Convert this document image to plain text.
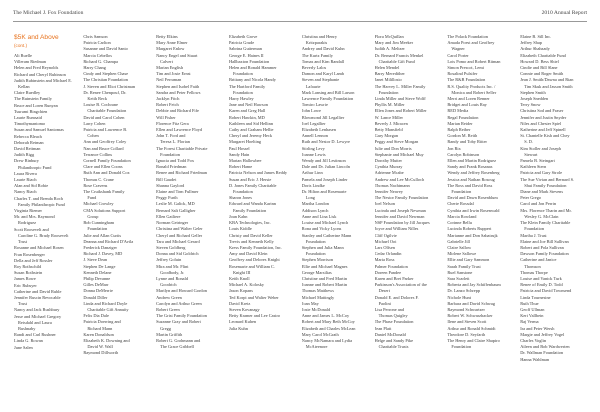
The Michael J. Fox Foundation	2010 Annual Report
$5K and Above
(cont.)
Ali Ruelle
Villeram Riedman
Helen and Fred Reynolds
Richard and Cheryl Rubinson
Judith Rubinstein and Michael E.
Kellan
Claire Ruedley
The Ruinstein Family
Bruce and Loren Runyan
Tsurumi Bingchien
Laurie Rumsaid
Timothymantomo
Susan and Samuel Santomas
Rebecca Bleach
Deborah Reiman
David Reitman
Judith Rigg
Drew Rinbury
Philanthropic Fund
Laura Rivera
Laurie Riach
Alan and Sid Robie
Nancy Riach
Charles T. and Brenda Roch
Family Philanthropic Fund
Virginia Riemer
Mr. and Mrs. Raymond
Rodriguez
Scott Roosevelt and
Caroline G. Brady Roosevelt
Trust
Rosanne and Michael Rosen
Fran Rosenberger
Della and Jeff Rossler
Roy Rothschild
Susan Rothstein
James Rowe
Eric Rubsyer
Catherine and David Ruble
Jennifer Ruscin Revocable
Trust
Nancy and Jack Rushbury
Jesse and Michael Gregory
Reisdahl and Laura
Bushnaby
Randi and Carl Rushner
Linda G. Rowan
June Salen
Chris Samson
Patricia Carlton
Susanne and David Santo
Marcia Cebellos
Richard G. Champa
Harry Chang
Cindy and Stephen Chase
The Christian Foundation
J. Steven and Eliot Christman
Dr. Renee Chenpouf, Dr.
Keith Reck
Louise B. Cochrane
Charitable Foundation
David and Carol Cohen
Larry Cohen
Patricia and Lawrence B.
Cohen
Ann and Geoffrey Coley
Nan and Bruce Collard
Terrance Collins
Cornell Family Foundation
Clare and Ellen Coons
Ruth Ann and Donald Cox
Thomas C. Crane
Rose Cravens
The Cruikshank Family
Fund
Michael Crowley
CMA Solutions Support
Group
Bob Cunningham
Foundation
Julie and Allan Curtis
Deanna and Richard D'Avila
Frederick Danziger
Richard J. Davey, MD
J. Steve Dean
Stephen De Lange
Kenneth Delane
Philip Devanne
Gilles DeMarr
Donna DeMerrie
Donald Diller
Linda and Richard Doyle
Charitable Gift Annuity
Felix Dia Dale
Patricia Doerring and
Richard Mann
Karen Donaldson
Elizabeth K. Downing and
David W. Wall
Raymond Dillworth
Betty Elkins
Mary Anne Elmer
Margaret Enlow
Nancy Engel and Stuart
Calvert
Marian English
Tim and Josie Ernst
Neil Ferraman
Stephen and Isobel Faith
Sandra and Peter Fellows
Jacklyn Fitch
Robert Feich
Debbie and Richard Fife
Will Fisher
Florence Fitz Gera
Ellen and Lawrence Floyd
John T. Ford and
Teresa L. Florian
The Forest Charitable Private
Foundation
Ignacia and Todd Fox
Ronald Friedman
Renee and Richard Friedman
Bill Gaudet
Shanna Gaylord
Elaine and Tom Fullmer
Peggy Furth
Leslie M. Galick, MD
Bernard Salt Galligher
Ellen Gatliere
Norman Geiringer
Christina and Walter Geler
Cheryl and Richard Geller
Tara and Michael Gerard
Steven Goldberg
Donna and Sid Goldrich
Jeffrey Goluin
Mira and Mr. Flint
Goodbody, Jr.
Lynne and Ronald
Goodrich
Marilyn and Howard Gordon
Andrew Green
Carolyn and Arthur Green
Robert Green
The Grist Family Foundation
Suzanne Gray and Robert
Gregg
Martin Griffith
Robert G. Grohmann and
The Grace Gribbell
Elizabeth Grove
Patricia Grude
Sabrina Gutterman
George E. Haines II
Hallbaxton Foundation
Helen and Ronald Hammer
Foundation
Brittany and Nicola Handy
The Hartford Family
Foundation
Harry Hawley
Jane and Neil Hawson
Karen and Greg Hall
Robert Hawkin, MD
Kathleen and Sid Hellinn
Cathy and Graham Hellie
Cheryl and Jeremy Heck
Margaret Hoelting
Paul Hossel
Sandy Hain
Marian Hallowbee
Robert Hame
Patricia Nelson and James Reddy
Susan and Eric J. Hersie
D. Jones Family Charitable
Foundation
Sharon Jones
Edward and Wanda Karinn
Family Foundation
Joan Kahn
KBA Technologies, Inc.
Louis Kiddle
Christy and David Keller
Trevis and Kenneth Kelly
Kress Family Foundation, Inc.
Amy and David Klein
Geoffrey and Delores Knight
Rosemarie and William C.
Knight III
Keith Knoll
Michael A. Kolosky
Jason Kopans
Ted Korpi and Walter Weber
David Kretz
Steven Kovanagy
Betty Kramer and Lee Castro
Leonard Kuhen
Julia Kuhn
Christina and Henry
Kritzparakis
Andrey and David Kuhn
The Kurtz Family
Tomas and Kim Randall
Beverly Lalos
Damon and Karyl Lamb
Steven and Stephanie
Lafaurie
Mark Lansing and Bill Larson
Lawrence Family Foundation
Tomiro Lawrie
John Lowe
Blowmond Jill Legallier
Joel Legallier
Elizabeth Lenhasen
Annell Lennon
Ruth and Nestor D. Lewyre
Stirling Levy
Joanne Lewis
Wendy and Jill Lestinson
Dale and Dr. Julian Lincoln
Arthur Linn
Pamela and Joseph Linder
Doris Lindke
Dr. Hilton and Rosemarie
Long
Martha London
Addison Lynch
Anne and Lina Lisk
Louise and Michael Lynch
Rona and Vicky Lyons
Stanley and Catherine Mann
Foundation
Stephen and Julia Mann
Foundation
Stephen Morrison
Ellie and Michael Magnes
George Marsilias
Christine and Fred Martin
Joanne and Robert Martin
Thomas Matthews
Michael Mattingly
Joan May
Josie McDonald
Anne and James L. McCoy
Robert and Mary Beth McCoy
Elizabeth and Charles McLean
Mary Carol McGrath
Nancy McNamara and Lydia
McAteenore
Flora McQuillan
Mary and Jim Meeker
Judith A. Meltzer
Dr. Bernard Francis Menkel
Charitable Gift Fund
Helen Mendel
Barry Meredither
Janet Milillosio
The Harvey L. Miller Family
Foundation
Linda Miller and Steve Wolff
Phyllis M. Miller
Ellen Jones and Robert Miller
W. Lance Miller
Beverly J. Miracen
Betty Mansfield
Gary Morgan
Peggy and Steve Morgan
Julie and Don Morris
Stephanie and Michael Muy
Dorothy Mutter
Cynthia Murray
Adrienne Mcabe
Andrew and Lee McCulloch
Thomas Nachtmann
Jennifer Neavey
The Nestor Family Foundation
Joel Nelson
Lucinda and Joseph Newman
Jennifer and David Newman
NSP Foundation by Jill Jacques
Joyce and William Nilles
Cliff Ogilvie
Michael Ooi
Lars Olfsen
Cedar Orlandin
Maria Ross
Palmer Foundation
Doreen Pandee
Karen and Bret Parker
Parkinson's Association of the
Desert
Donald E. and Dolores F.
Paolini
Lisa Perrone and
Thomas Quigley
The Phase Foundation
Jean Platt
Daniel McDonald
Helge and Sandy Pike
Charitable Trusts
The Polack Foundation
Amada Poest and Geoffrey
Wagner
Carol Porter
Lois Pomo and Robert Ritman
Simon Prescot, Lemi
Rosalind Pulsifer
The R&B Foundation
R.S. Quality Products Inc. /
Monica and Robert Seller
Merri and Loren Renner
Bridget and Louis Ray
RED Media
Regal Foundation
Marian Reider
Ralph Reiber
Gordon M. Reith
Randy and Toby Ritter
Jon Rix
Carolyn Robinson
Ellen and Martin Rodriguez
Sandy and Frank Rosanas
Wendy and Jeffrey Rosenberg
Jessica and Nathan Rosoug
The Ross and David Ross
Foundation
David and Dawn Rosenblum
Cherie Rossdal
Cynthia and Irwin Rosenwald
Marcia Rowland
Corinne Bellu
Lucinda Roberts Ruppert
Marianne and Don Sabatrujk
Gabrielle Jill
Claire Sallow
Mirlene Sallowe
Ellie and Gary Sammon
Sarah Family Trust
Ruel Sanstone
Sara Scarlett
Roberta and Jay Schiffenbaum
Dr. Lanzo Schrepp
Nichole Hunt
Barbara and David Schwag
Raymond Schwartzer
Robert W. Schwarzhacker
Ilene and Steven Scott
Arthur and Ronald Schmidt
Theodore D. Seyfarth
The Henry and Claire Shapiro
Foundation
Elaine B. Sill Inc.
Jeffrey Shap
Arthur Shahzady
Elizabeth Charitable Fund
Howard D. Bess Shiel
Cindie and Bill Slane
Connie and Roger Smith
Jean J. Smith/Dawna and Rian
Tim Skuk and Jasson Smith
Stephen Smith
Joseph Snedden
Terry Snow
Christina Sod and Fraser
Jennifer and Justin Snyder
Niles and Chester Spiel
Katherine and Jeff Spinell
St. Chantelle Kish and Chey
S. D.
Kim Stoller and Joseph
Stewart
Pamela B. Steingart
Kathleen Stern
Patricia and Gary Strole
The Sue Vivian and Bernard S.
Shui Family Foundation
Diane and Mark Stevens
Peter Grego
Carol and Jon Perrin
Mrs. Florence Tharin and Mr.
Wesley G. McClain
The Klein Family Charitable
Foundation
Martha J. Trust
Elaine and Joe Bill Sullivan
Robert and Pola Sullivan
Dawson Family Foundation
Catherine and Janice
Thomson
Thomas Thorpe
Louise and Vanick Turk
Renee of Emily D. Todd
Patricia and David Townsend
Linda Tournesine
Ruth Thue
Geoff Ullman
Keri Vallbein
Raj Verma
Ira and Peter Wersh
Margie and Jeffrey Vogel
Charles Voglin
Aileen and Bob Wardwerien
Dr. Wallman Foundation
Hanna Wahlman
